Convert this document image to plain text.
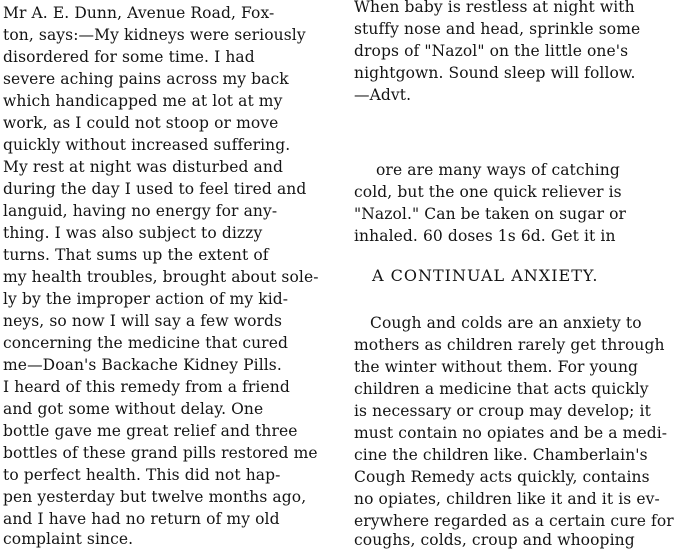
Mr A. E. Dunn, Avenue Road, Fox-
ton, says:—My kidneys were seriously
disordered for some time. I had
severe aching pains across my back
which handicapped me at lot at my
work, as I could not stoop or move
quickly without increased suffering.
My rest at night was disturbed and
during the day I used to feel tired and
languid, having no energy for any-
thing. I was also subject to dizzy
turns. That sums up the extent of
my health troubles, brought about sole-
ly by the improper action of my kid-
neys, so now I will say a few words
concerning the medicine that cured
me—Doan's Backache Kidney Pills.
I heard of this remedy from a friend
and got some without delay. One
bottle gave me great relief and three
bottles of these grand pills restored me
to perfect health. This did not hap-
pen yesterday but twelve months ago,
and I have had no return of my old
complaint since.
When baby is restless at night with
stuffy nose and head, sprinkle some
drops of "Nazol" on the little one's
nightgown. Sound sleep will follow.
—Advt.
ore are many ways of catching
cold, but the one quick reliever is
"Nazol." Can be taken on sugar or
inhaled. 60 doses 1s 6d. Get it in
A CONTINUAL ANXIETY.
Cough and colds are an anxiety to
mothers as children rarely get through
the winter without them. For young
children a medicine that acts quickly
is necessary or croup may develop; it
must contain no opiates and be a medi-
cine the children like. Chamberlain's
Cough Remedy acts quickly, contains
no opiates, children like it and it is ev-
erywhere regarded as a certain cure for
coughs, colds, croup and whooping
